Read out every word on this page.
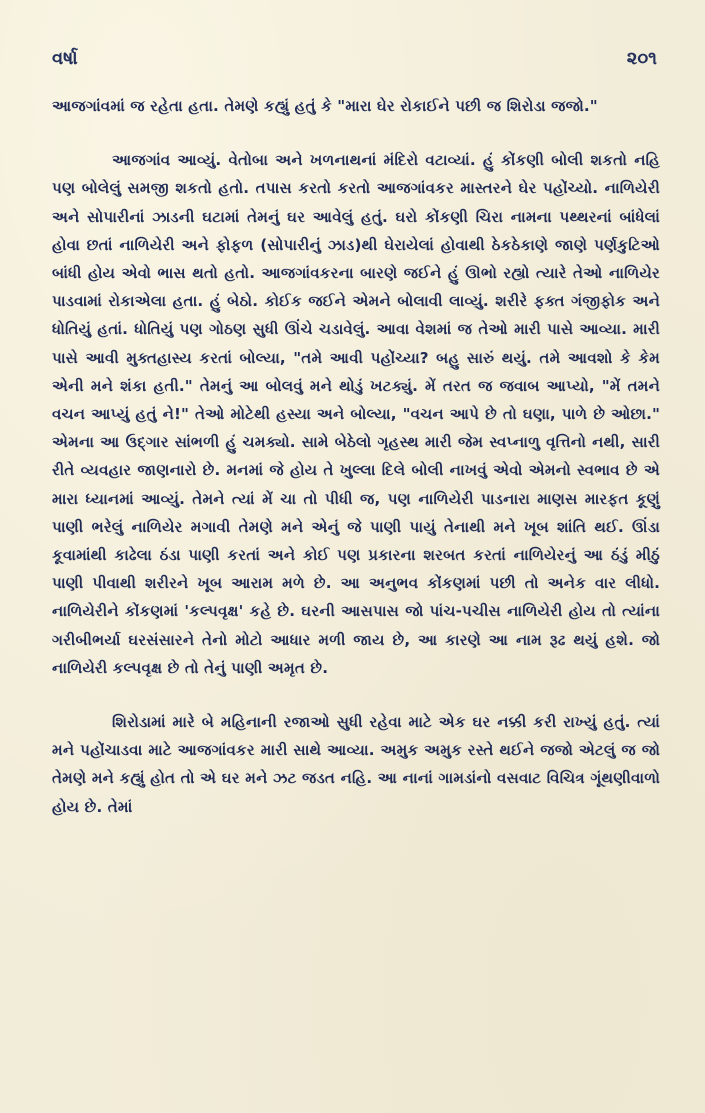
વર્ષા	૨૦૧

આજગાંવમાં જ રહેતા હતા. તેમણે કહ્યું હતું કે "મારા ઘેર રોકાઈને પછી જ શિરોડા જજો."

આજગાંવ આવ્યું. વેતોબા અને ખળનાથનાં મંદિરો વટાવ્યાં. હું કોંકણી બોલી શકતો નહિ પણ બોલેલું સમજી શકતો હતો. તપાસ કરતો કરતો આજગાંવકર માસ્તરને ઘેર પહોંચ્યો. નાળિયેરી અને સોપારીનાં ઝાડની ઘટામાં તેમનું ઘર આવેલું હતું. ઘરો કોંકણી ચિરા નામના પથ્થરનાં બાંધેલાં હોવા છતાં નાળિયેરી અને ફોફળ (સોપારીનું ઝાડ)થી ઘેરાયેલાં હોવાથી ઠેકઠેકાણે જાણે પર્ણકુટિઓ બાંધી હોય એવો ભાસ થતો હતો. આજગાંવકરના બારણે જઈને હું ઊભો રહ્યો ત્યારે તેઓ નાળિયેર પાડવામાં રોકાએલા હતા. હું બેઠો. કોઈક જઈને એમને બોલાવી લાવ્યું. શરીરે ફક્ત ગંજીફોક અને ધોતિયું હતાં. ધોતિયું પણ ગોઠણ સુધી ઊંચે ચડાવેલું. આવા વેશમાં જ તેઓ મારી પાસે આવ્યા. મારી પાસે આવી મુક્તહાસ્ય કરતાં બોલ્યા, "તમે આવી પહોંચ્યા? બહુ સારું થયું. તમે આવશો કે કેમ એની મને શંકા હતી." તેમનું આ બોલવું મને થોડું ખટક્યું. મેં તરત જ જવાબ આપ્યો, "મેં તમને વચન આપ્યું હતું ને!" તેઓ મોટેથી હસ્યા અને બોલ્યા, "વચન આપે છે તો ઘણા, પાળે છે ઓછા." એમના આ ઉદ્ગાર સાંભળી હું ચમક્યો. સામે બેઠેલો ગૃહસ્થ મારી જેમ સ્વપ્નાળુ વૃત્તિનો નથી, સારી રીતે વ્યવહાર જાણનારો છે. મનમાં જે હોય તે ખુલ્લા દિલે બોલી નાખવું એવો એમનો સ્વભાવ છે એ મારા ધ્યાનમાં આવ્યું. તેમને ત્યાં મેં ચા તો પીધી જ, પણ નાળિયેરી પાડનારા માણસ મારફત કૂણું પાણી ભરેલું નાળિયેર મગાવી તેમણે મને એનું જે પાણી પાયું તેનાથી મને ખૂબ શાંતિ થઈ. ઊંડા કૂવામાંથી કાઢેલા ઠંડા પાણી કરતાં અને કોઈ પણ પ્રકારના શરબત કરતાં નાળિયેરનું આ ઠંડું મીઠું પાણી પીવાથી શરીરને ખૂબ આરામ મળે છે. આ અનુભવ કોંકણમાં પછી તો અનેક વાર લીધો. નાળિયેરીને કોંકણમાં 'કલ્પવૃક્ષ' કહે છે. ઘરની આસપાસ જો પાંચ-પચીસ નાળિયેરી હોય તો ત્યાંના ગરીબીભર્યા ઘરસંસારને તેનો મોટો આધાર મળી જાય છે, આ કારણે આ નામ રૂઢ થયું હશે. જો નાળિયેરી કલ્પવૃક્ષ છે તો તેનું પાણી અમૃત છે.

શિરોડામાં મારે બે મહિનાની રજાઓ સુધી રહેવા માટે એક ઘર નક્કી કરી રાખ્યું હતું. ત્યાં મને પહોંચાડવા માટે આજગાંવકર મારી સાથે આવ્યા. અમુક અમુક રસ્તે થઈને જજો એટલું જ જો તેમણે મને કહ્યું હોત તો એ ઘર મને ઝટ જડત નહિ. આ નાનાં ગામડાંનો વસવાટ વિચિત્ર ગૂંથણીવાળો હોય છે. તેમાં
